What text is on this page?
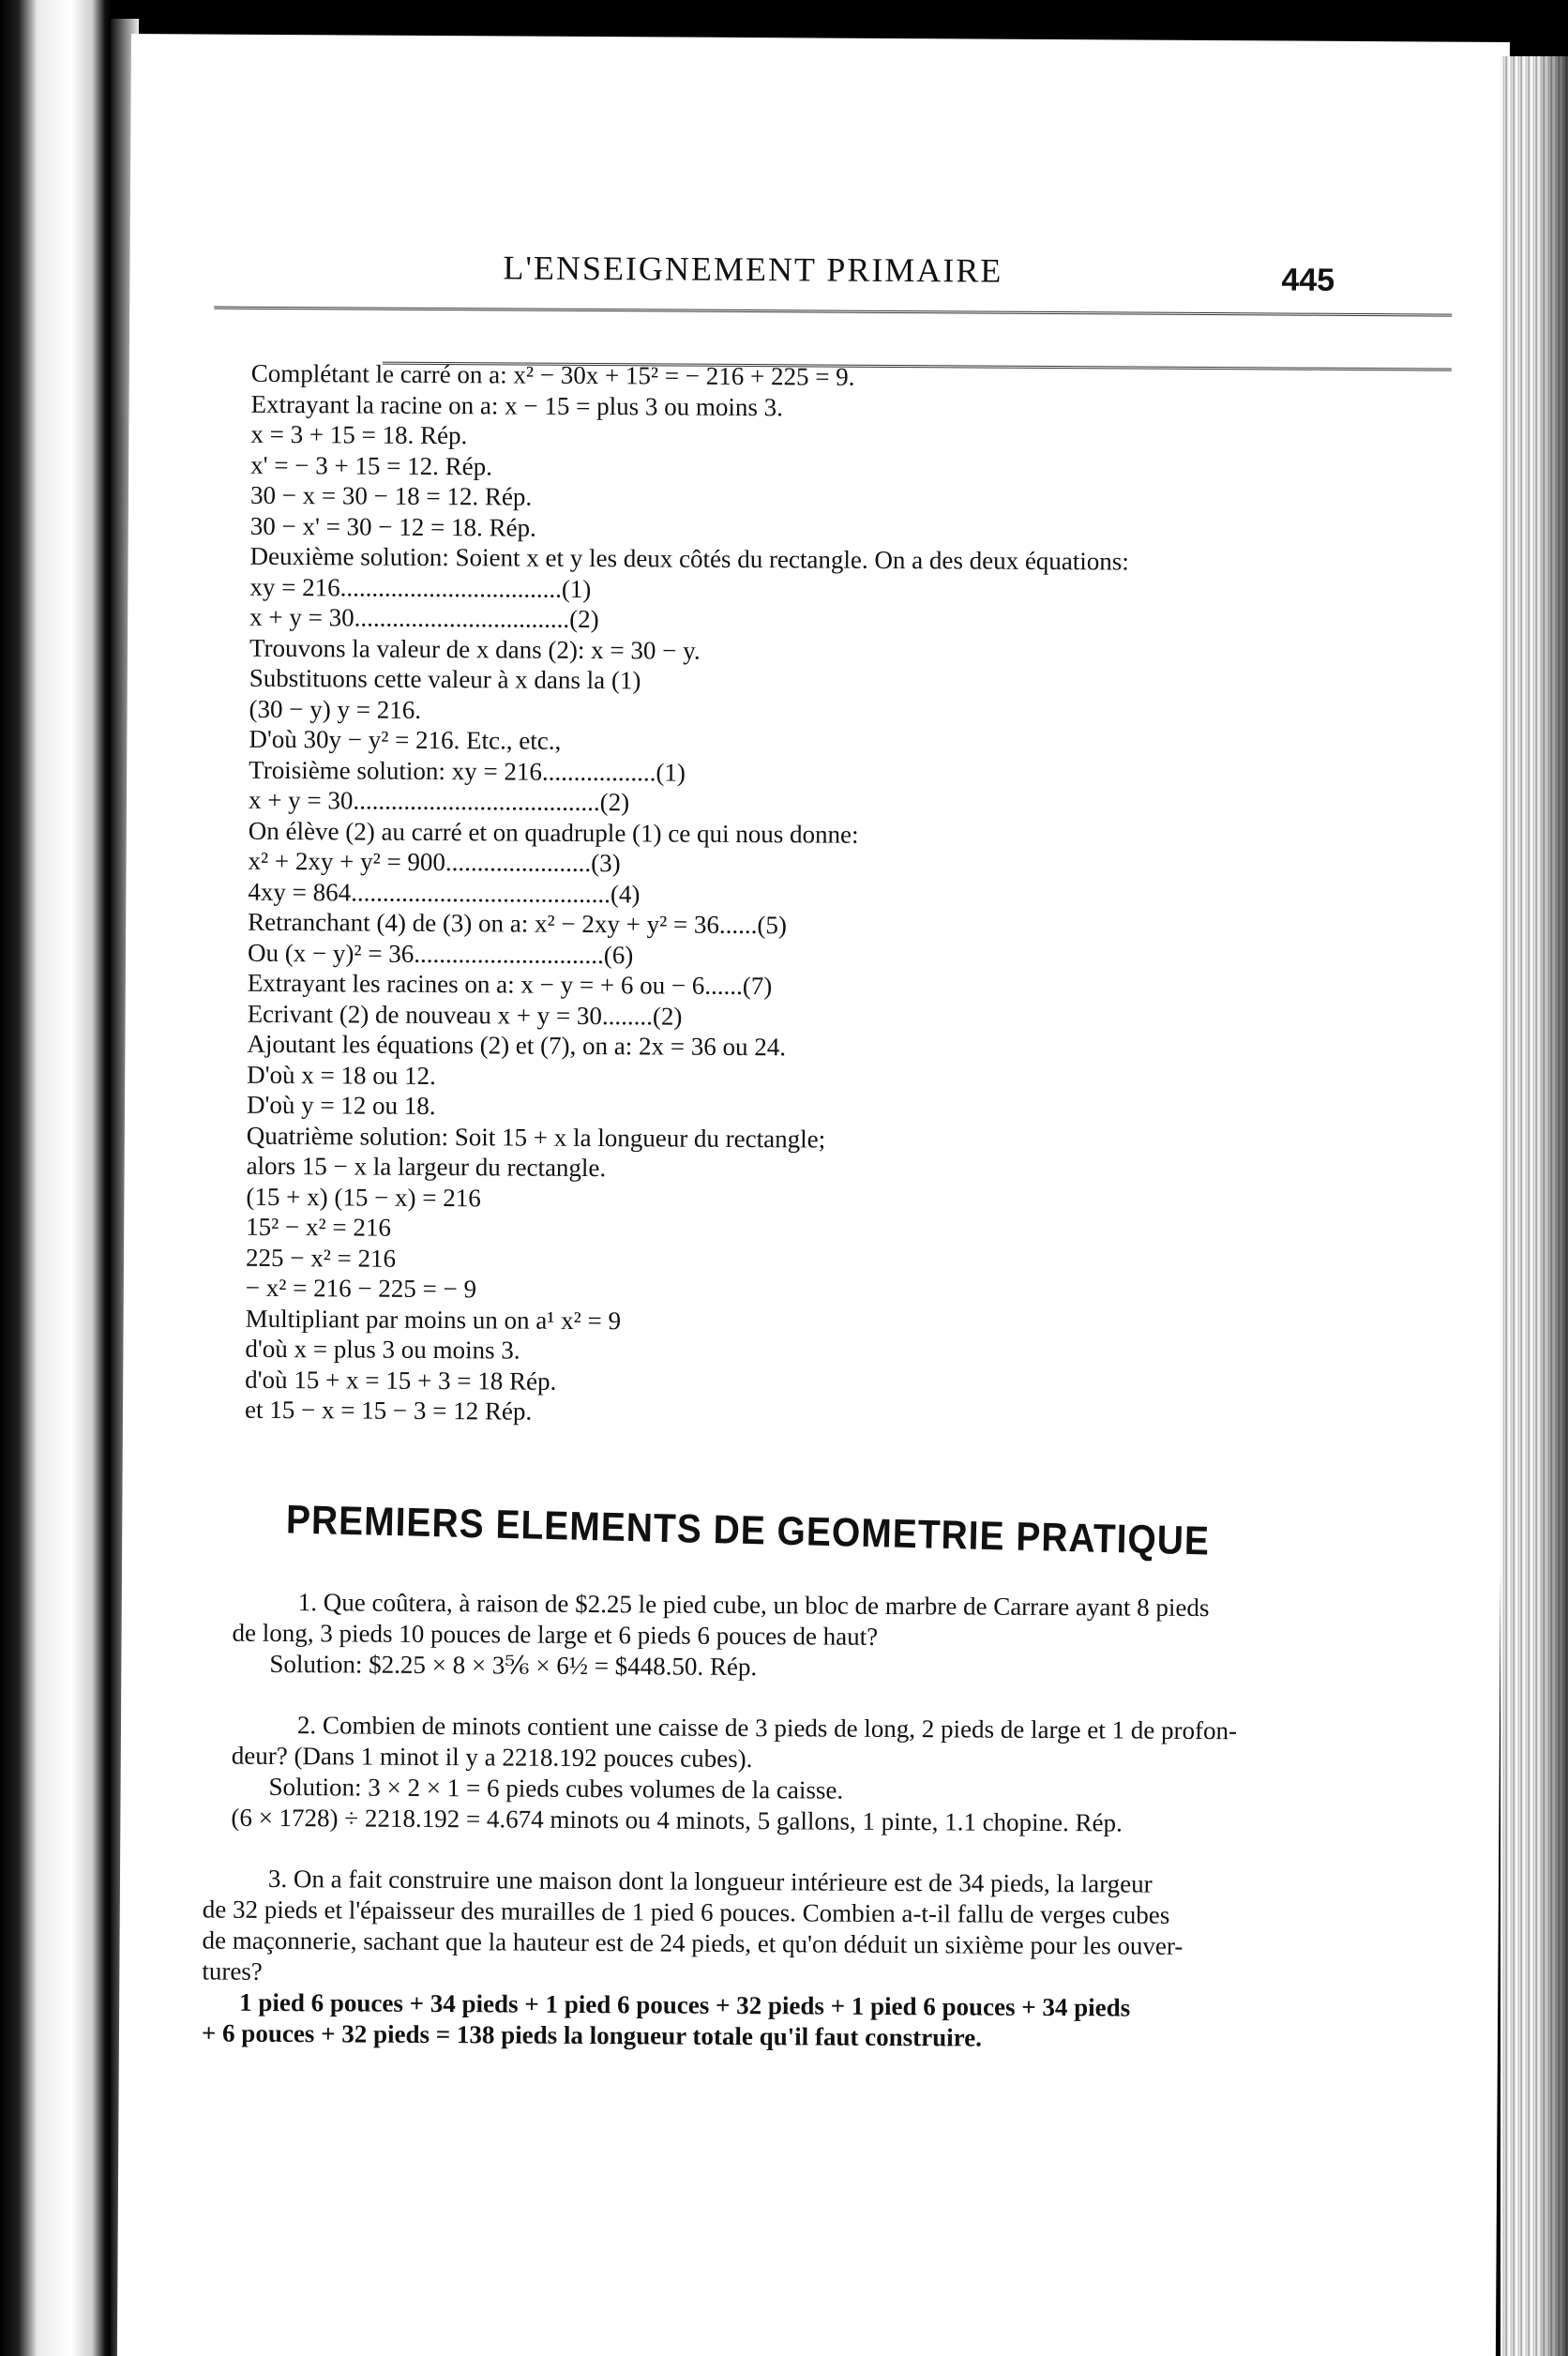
L'ENSEIGNEMENT PRIMAIRE	445
Complétant le carré on a: x² − 30x + 15² = − 216 + 225 = 9.
Extrayant la racine on a: x − 15 = plus 3 ou moins 3.
x = 3 + 15 = 18. Rép.
x' = − 3 + 15 = 12. Rép.
30 − x = 30 − 18 = 12. Rép.
30 − x' = 30 − 12 = 18. Rép.
Deuxième solution: Soient x et y les deux côtés du rectangle. On a des deux équations:
xy = 216...................................(1)
x + y = 30..................................(2)
Trouvons la valeur de x dans (2): x = 30 − y.
Substituons cette valeur à x dans la (1)
(30 − y) y = 216.
D'où 30y − y² = 216. Etc., etc.,
Troisième solution: xy = 216..................(1)
x + y = 30.......................................(2)
On élève (2) au carré et on quadruple (1) ce qui nous donne:
x² + 2xy + y² = 900.......................(3)
4xy = 864.........................................(4)
Retranchant (4) de (3) on a: x² − 2xy + y² = 36......(5)
Ou (x − y)² = 36..............................(6)
Extrayant les racines on a: x − y = + 6 ou − 6......(7)
Ecrivant (2) de nouveau x + y = 30........(2)
Ajoutant les équations (2) et (7), on a: 2x = 36 ou 24.
D'où x = 18 ou 12.
D'où y = 12 ou 18.
Quatrième solution: Soit 15 + x la longueur du rectangle;
alors 15 − x la largeur du rectangle.
(15 + x) (15 − x) = 216
15² − x² = 216
225 − x² = 216
− x² = 216 − 225 = − 9
Multipliant par moins un on a¹ x² = 9
d'où x = plus 3 ou moins 3.
d'où 15 + x = 15 + 3 = 18 Rép.
et 15 − x = 15 − 3 = 12 Rép.
PREMIERS ELEMENTS DE GEOMETRIE PRATIQUE
1. Que coûtera, à raison de $2.25 le pied cube, un bloc de marbre de Carrare ayant 8 pieds
de long, 3 pieds 10 pouces de large et 6 pieds 6 pouces de haut?
Solution: $2.25 × 8 × 3⅚ × 6½ = $448.50. Rép.
2. Combien de minots contient une caisse de 3 pieds de long, 2 pieds de large et 1 de profon-
deur? (Dans 1 minot il y a 2218.192 pouces cubes).
Solution: 3 × 2 × 1 = 6 pieds cubes volumes de la caisse.
(6 × 1728) ÷ 2218.192 = 4.674 minots ou 4 minots, 5 gallons, 1 pinte, 1.1 chopine. Rép.
3. On a fait construire une maison dont la longueur intérieure est de 34 pieds, la largeur
de 32 pieds et l'épaisseur des murailles de 1 pied 6 pouces. Combien a-t-il fallu de verges cubes
de maçonnerie, sachant que la hauteur est de 24 pieds, et qu'on déduit un sixième pour les ouver-
tures?
1 pied 6 pouces + 34 pieds + 1 pied 6 pouces + 32 pieds + 1 pied 6 pouces + 34 pieds
+ 6 pouces + 32 pieds = 138 pieds la longueur totale qu'il faut construire.
